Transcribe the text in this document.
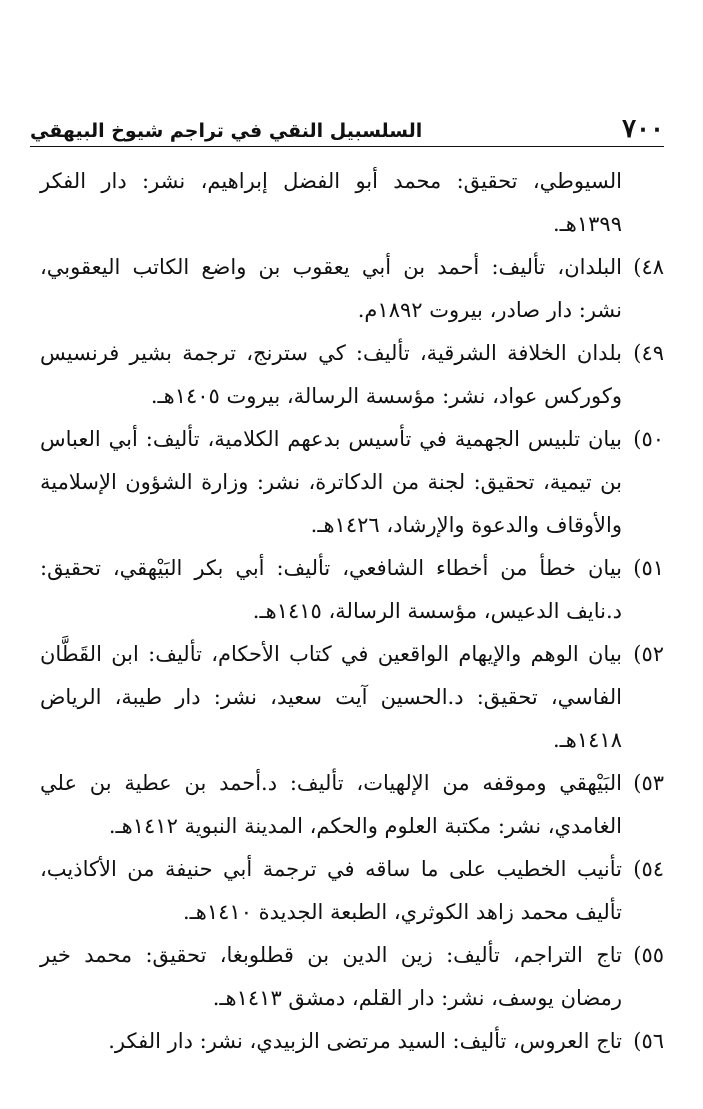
٧٠٠
السلسبيل النقي في تراجم شيوخ البيهقي
السيوطي، تحقيق: محمد أبو الفضل إبراهيم، نشر: دار الفكر ١٣٩٩هـ.
٤٨)
البلدان، تأليف: أحمد بن أبي يعقوب بن واضع الكاتب اليعقوبي، نشر: دار صادر، بيروت ١٨٩٢م.
٤٩)
بلدان الخلافة الشرقية، تأليف: كي سترنج، ترجمة بشير فرنسيس وكوركس عواد، نشر: مؤسسة الرسالة، بيروت ١٤٠٥هـ.
٥٠)
بيان تلبيس الجهمية في تأسيس بدعهم الكلامية، تأليف: أبي العباس بن تيمية، تحقيق: لجنة من الدكاترة، نشر: وزارة الشؤون الإسلامية والأوقاف والدعوة والإرشاد، ١٤٢٦هـ.
٥١)
بيان خطأ من أخطاء الشافعي، تأليف: أبي بكر البَيْهقي، تحقيق: د.نايف الدعيس، مؤسسة الرسالة، ١٤١٥هـ.
٥٢)
بيان الوهم والإيهام الواقعين في كتاب الأحكام، تأليف: ابن القَطَّان الفاسي، تحقيق: د.الحسين آيت سعيد، نشر: دار طيبة، الرياض ١٤١٨هـ.
٥٣)
البَيْهقي وموقفه من الإلهيات، تأليف: د.أحمد بن عطية بن علي الغامدي، نشر: مكتبة العلوم والحكم، المدينة النبوية ١٤١٢هـ.
٥٤)
تأنيب الخطيب على ما ساقه في ترجمة أبي حنيفة من الأكاذيب، تأليف محمد زاهد الكوثري، الطبعة الجديدة ١٤١٠هـ.
٥٥)
تاج التراجم، تأليف: زين الدين بن قطلوبغا، تحقيق: محمد خير رمضان يوسف، نشر: دار القلم، دمشق ١٤١٣هـ.
٥٦)
تاج العروس، تأليف: السيد مرتضى الزبيدي، نشر: دار الفكر.
